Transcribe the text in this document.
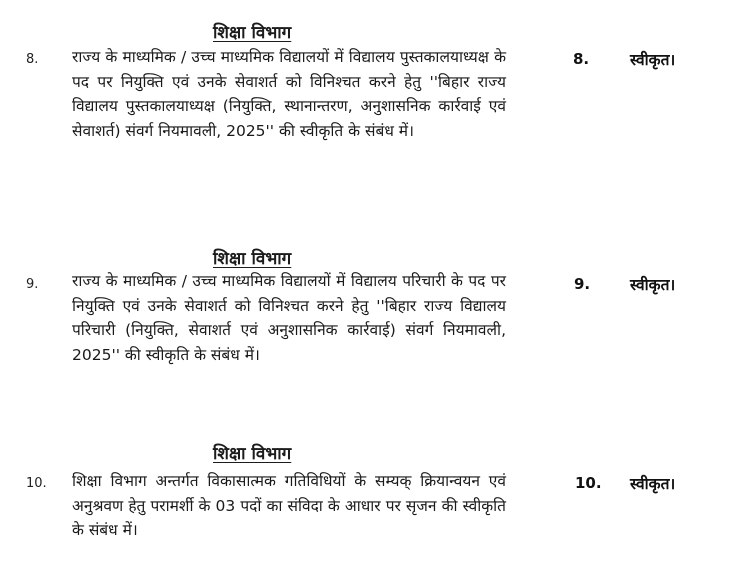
शिक्षा विभाग
8. राज्य के माध्यमिक / उच्च माध्यमिक विद्यालयों में विद्यालय पुस्तकालयाध्यक्ष के पद पर नियुक्ति एवं उनके सेवाशर्त को विनिश्चत करने हेतु ''बिहार राज्य विद्यालय पुस्तकालयाध्यक्ष (नियुक्ति, स्थानान्तरण, अनुशासनिक कार्रवाई एवं सेवाशर्त) संवर्ग नियमावली, 2025'' की स्वीकृति के संबंध में।
8.	स्वीकृत।
शिक्षा विभाग
9. राज्य के माध्यमिक / उच्च माध्यमिक विद्यालयों में विद्यालय परिचारी के पद पर नियुक्ति एवं उनके सेवाशर्त को विनिश्चत करने हेतु ''बिहार राज्य विद्यालय परिचारी (नियुक्ति, सेवाशर्त एवं अनुशासनिक कार्रवाई) संवर्ग नियमावली, 2025'' की स्वीकृति के संबंध में।
9.	स्वीकृत।
शिक्षा विभाग
10. शिक्षा विभाग अन्तर्गत विकासात्मक गतिविधियों के सम्यक् क्रियान्वयन एवं अनुश्रवण हेतु परामर्शी के 03 पदों का संविदा के आधार पर सृजन की स्वीकृति के संबंध में।
10. स्वीकृत।
